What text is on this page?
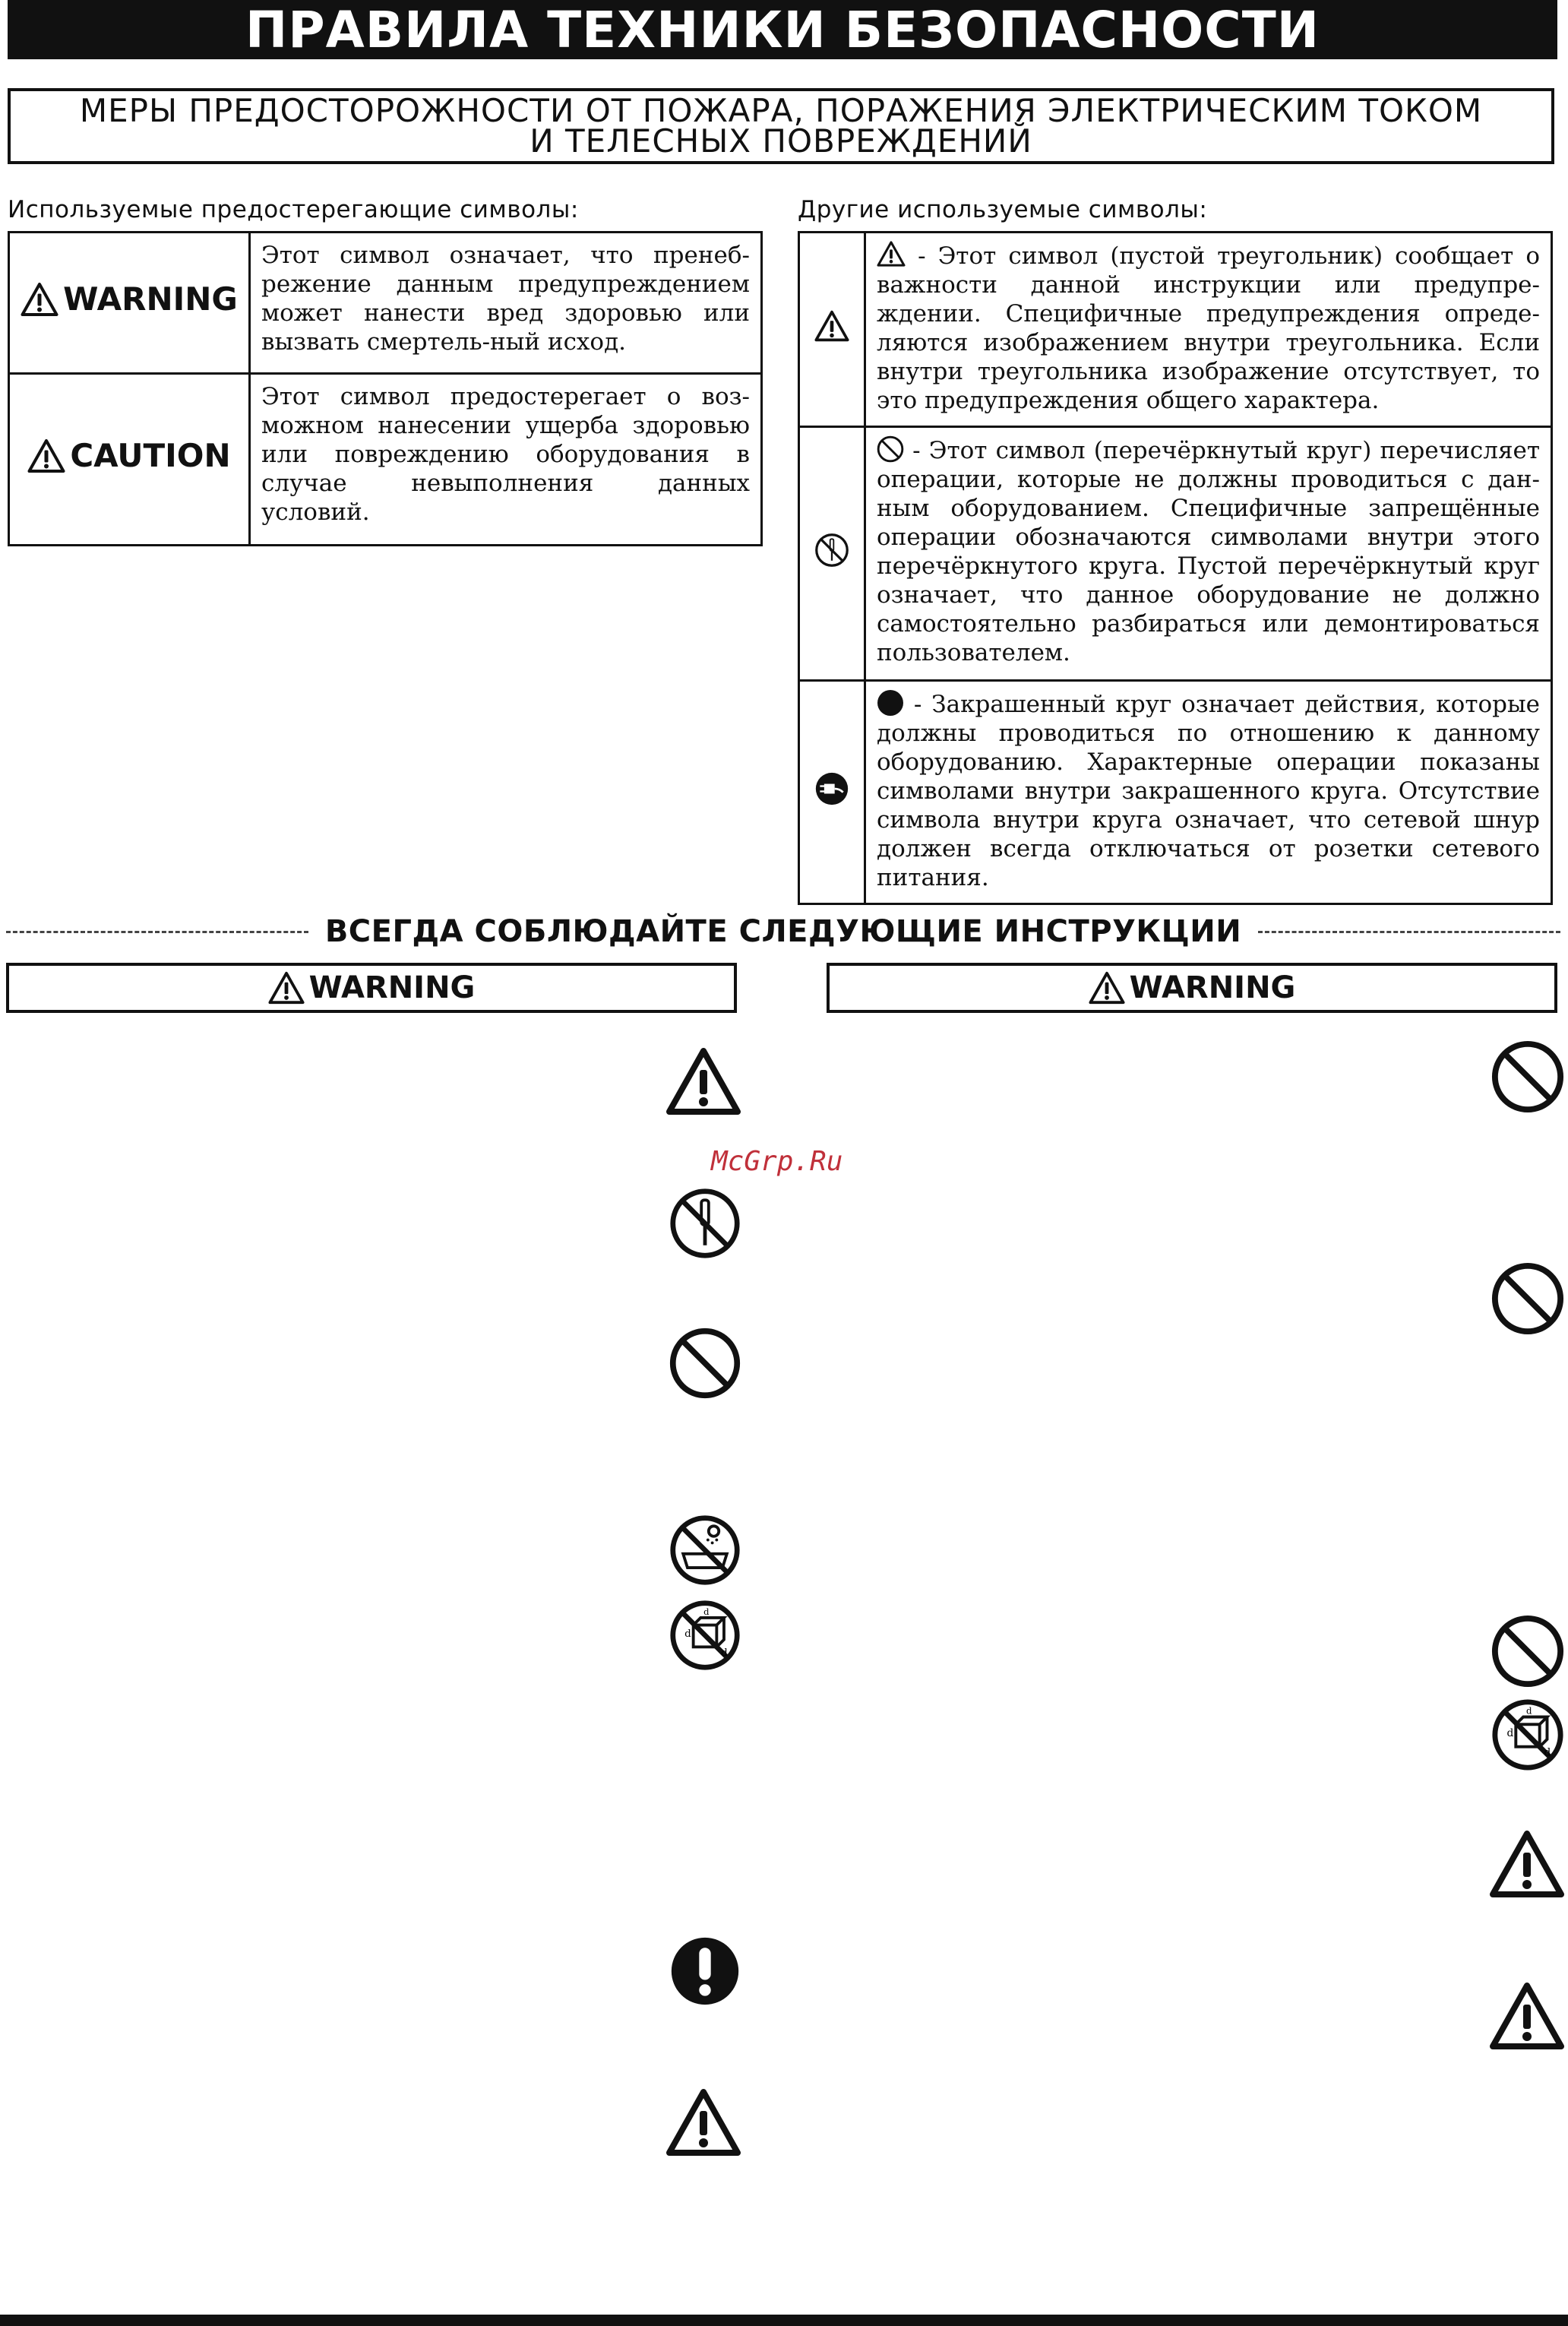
ПРАВИЛА ТЕХНИКИ БЕЗОПАСНОСТИ
МЕРЫ ПРЕДОСТОРОЖНОСТИ ОТ ПОЖАРА, ПОРАЖЕНИЯ ЭЛЕКТРИЧЕСКИМ ТОКОМ
И ТЕЛЕСНЫХ ПОВРЕЖДЕНИЙ
Используемые предостерегающие символы:	Другие используемые символы:
WARNING	Этот символ означает, что пренеб-режение данным предупреждением может нанести вред здоровью или вызвать смертель-ный исход.

CAUTION	Этот символ предостерегает о воз-можном нанесении ущерба здоровью или повреждению оборудования в случае невыполнения данных условий.
	- Этот символ (пустой треугольник) сообщает о важности данной инструкции или предупре-ждении. Специфичные предупреждения опреде-ляются изображением внутри треугольника. Если внутри треугольника изображение отсутствует, то это предупреждения общего характера.
	- Этот символ (перечёркнутый круг) перечисляет операции, которые не должны проводиться с дан-ным оборудованием. Специфичные запрещённые операции обозначаются символами внутри этого перечёркнутого круга. Пустой перечёркнутый круг означает, что данное оборудование не должно самостоятельно разбираться или демонтироваться пользователем.
	- Закрашенный круг означает действия, которые должны проводиться по отношению к данному оборудованию. Характерные операции показаны символами внутри закрашенного круга. Отсутствие символа внутри круга означает, что сетевой шнур должен всегда отключаться от розетки сетевого питания.
ВСЕГДА СОБЛЮДАЙТЕ СЛЕДУЮЩИЕ ИНСТРУКЦИИ
WARNING	WARNING
McGrp.Ru
